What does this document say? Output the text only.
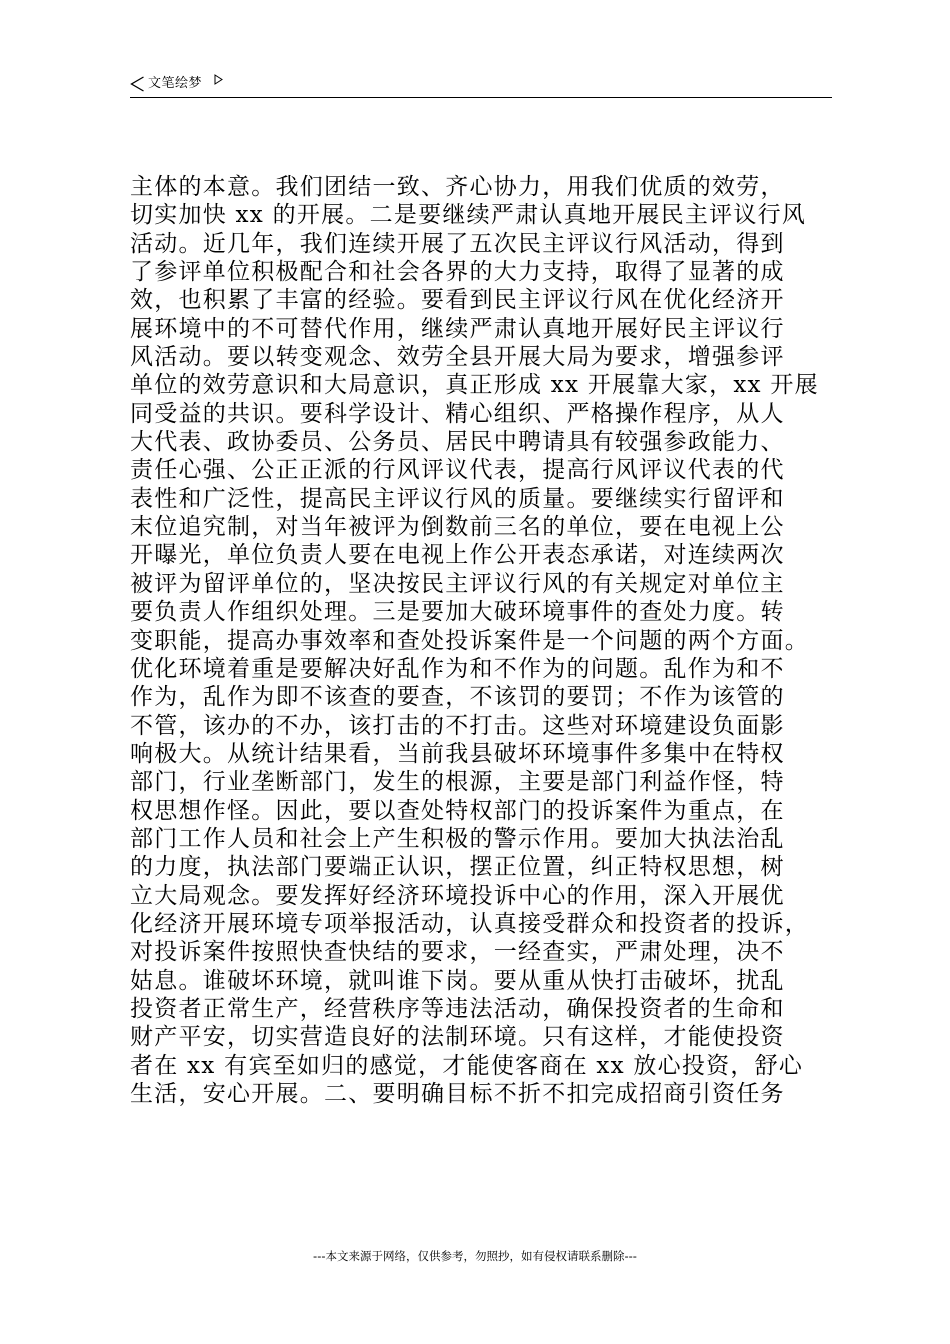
文笔绘梦
主体的本意。我们团结一致、齐心协力，用我们优质的效劳，
切实加快 xx 的开展。二是要继续严肃认真地开展民主评议行风
活动。近几年，我们连续开展了五次民主评议行风活动，得到
了参评单位积极配合和社会各界的大力支持，取得了显著的成
效，也积累了丰富的经验。要看到民主评议行风在优化经济开
展环境中的不可替代作用，继续严肃认真地开展好民主评议行
风活动。要以转变观念、效劳全县开展大局为要求，增强参评
单位的效劳意识和大局意识，真正形成 xx 开展靠大家，xx 开展
同受益的共识。要科学设计、精心组织、严格操作程序，从人
大代表、政协委员、公务员、居民中聘请具有较强参政能力、
责任心强、公正正派的行风评议代表，提高行风评议代表的代
表性和广泛性，提高民主评议行风的质量。要继续实行留评和
末位追究制，对当年被评为倒数前三名的单位，要在电视上公
开曝光，单位负责人要在电视上作公开表态承诺，对连续两次
被评为留评单位的，坚决按民主评议行风的有关规定对单位主
要负责人作组织处理。三是要加大破环境事件的查处力度。转
变职能，提高办事效率和查处投诉案件是一个问题的两个方面。
优化环境着重是要解决好乱作为和不作为的问题。乱作为和不
作为，乱作为即不该查的要查，不该罚的要罚；不作为该管的
不管，该办的不办，该打击的不打击。这些对环境建设负面影
响极大。从统计结果看，当前我县破坏环境事件多集中在特权
部门，行业垄断部门，发生的根源，主要是部门利益作怪，特
权思想作怪。因此，要以查处特权部门的投诉案件为重点，在
部门工作人员和社会上产生积极的警示作用。要加大执法治乱
的力度，执法部门要端正认识，摆正位置，纠正特权思想，树
立大局观念。要发挥好经济环境投诉中心的作用，深入开展优
化经济开展环境专项举报活动，认真接受群众和投资者的投诉，
对投诉案件按照快查快结的要求，一经查实，严肃处理，决不
姑息。谁破坏环境，就叫谁下岗。要从重从快打击破坏，扰乱
投资者正常生产，经营秩序等违法活动，确保投资者的生命和
财产平安，切实营造良好的法制环境。只有这样，才能使投资
者在 xx 有宾至如归的感觉，才能使客商在 xx 放心投资，舒心
生活，安心开展。二、要明确目标不折不扣完成招商引资任务
---本文来源于网络，仅供参考，勿照抄，如有侵权请联系删除---
